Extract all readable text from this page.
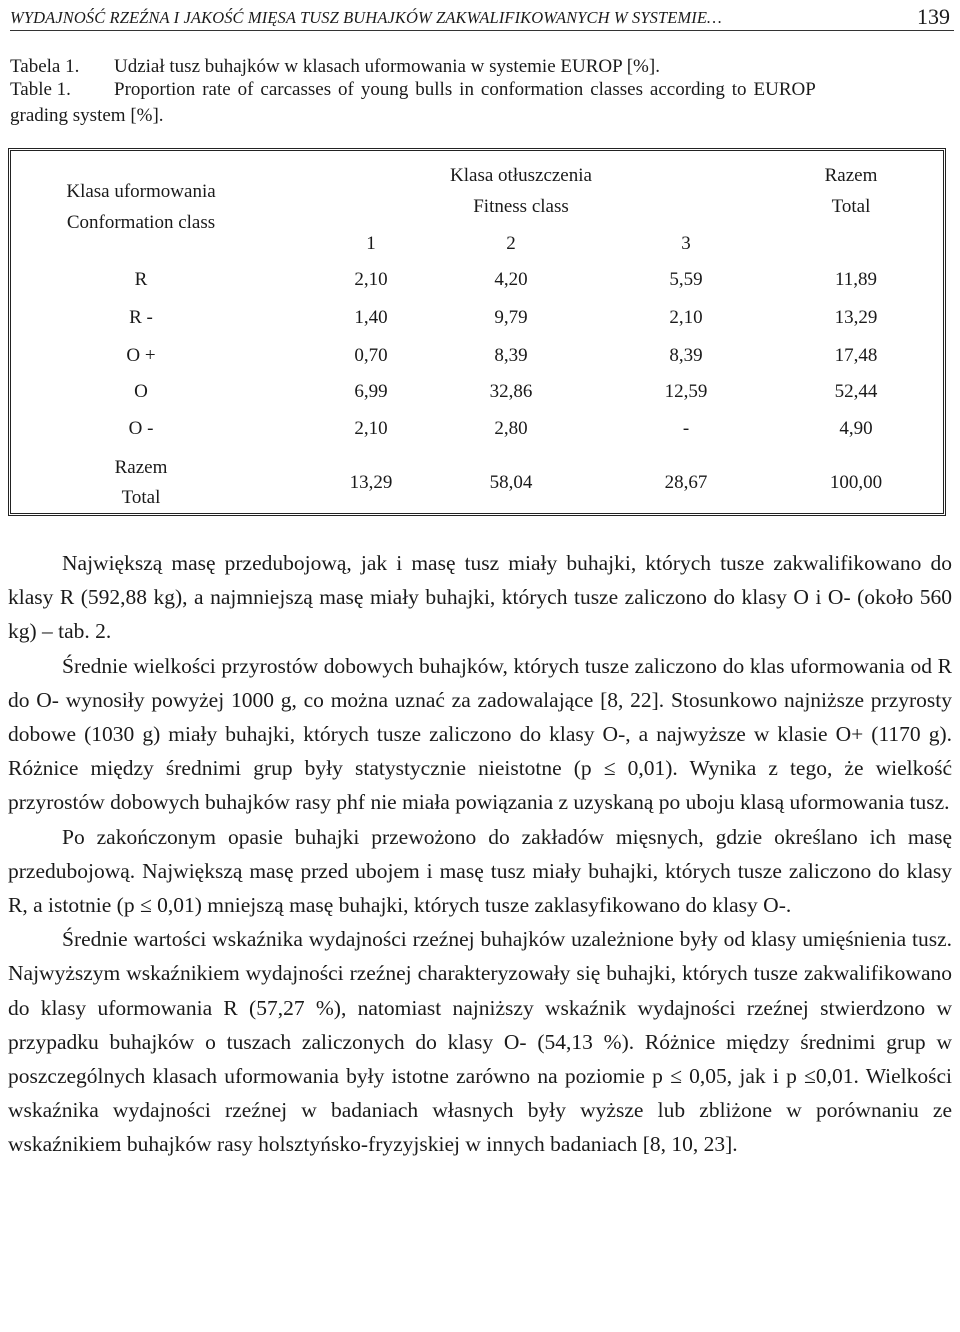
WYDAJNOŚĆ RZEŹNA I JAKOŚĆ MIĘSA TUSZ BUHAJKÓW ZAKWALIFIKOWANYCH W SYSTEMIE…	139
Tabela 1. Udział tusz buhajków w klasach uformowania w systemie EUROP [%].
Table 1. Proportion rate of carcasses of young bulls in conformation classes according to EUROP
grading system [%].
Klasa uformowania
Conformation class
Klasa otłuszczenia
Fitness class
1	2	3
Razem
Total
R	2,10	4,20	5,59	11,89
R -	1,40	9,79	2,10	13,29
O +	0,70	8,39	8,39	17,48
O	6,99	32,86	12,59	52,44
O -	2,10	2,80	-	4,90
Razem
Total
13,29	58,04	28,67	100,00

Największą masę przedubojową, jak i masę tusz miały buhajki, których tusze zakwalifikowano do klasy R (592,88 kg), a najmniejszą masę miały buhajki, których tusze zaliczono do klasy O i O- (około 560 kg) – tab. 2.

Średnie wielkości przyrostów dobowych buhajków, których tusze zaliczono do klas uformowania od R do O- wynosiły powyżej 1000 g, co można uznać za zadowalające [8, 22]. Stosunkowo najniższe przyrosty dobowe (1030 g) miały buhajki, których tusze zaliczono do klasy O-, a najwyższe w klasie O+ (1170 g). Różnice między średnimi grup były statystycznie nieistotne (p ≤ 0,01). Wynika z tego, że wielkość przyrostów dobowych buhajków rasy phf nie miała powiązania z uzyskaną po uboju klasą uformowania tusz.

Po zakończonym opasie buhajki przewożono do zakładów mięsnych, gdzie określano ich masę przedubojową. Największą masę przed ubojem i masę tusz miały buhajki, których tusze zaliczono do klasy R, a istotnie (p ≤ 0,01) mniejszą masę buhajki, których tusze zaklasyfikowano do klasy O-.

Średnie wartości wskaźnika wydajności rzeźnej buhajków uzależnione były od klasy umięśnienia tusz. Najwyższym wskaźnikiem wydajności rzeźnej charakteryzowały się buhajki, których tusze zakwalifikowano do klasy uformowania R (57,27 %), natomiast najniższy wskaźnik wydajności rzeźnej stwierdzono w przypadku buhajków o tuszach zaliczonych do klasy O- (54,13 %). Różnice między średnimi grup w poszczególnych klasach uformowania były istotne zarówno na poziomie p ≤ 0,05, jak i p ≤0,01. Wielkości wskaźnika wydajności rzeźnej w badaniach własnych były wyższe lub zbliżone w porównaniu ze wskaźnikiem buhajków rasy holsztyńsko-fryzyjskiej w innych badaniach [8, 10, 23].
